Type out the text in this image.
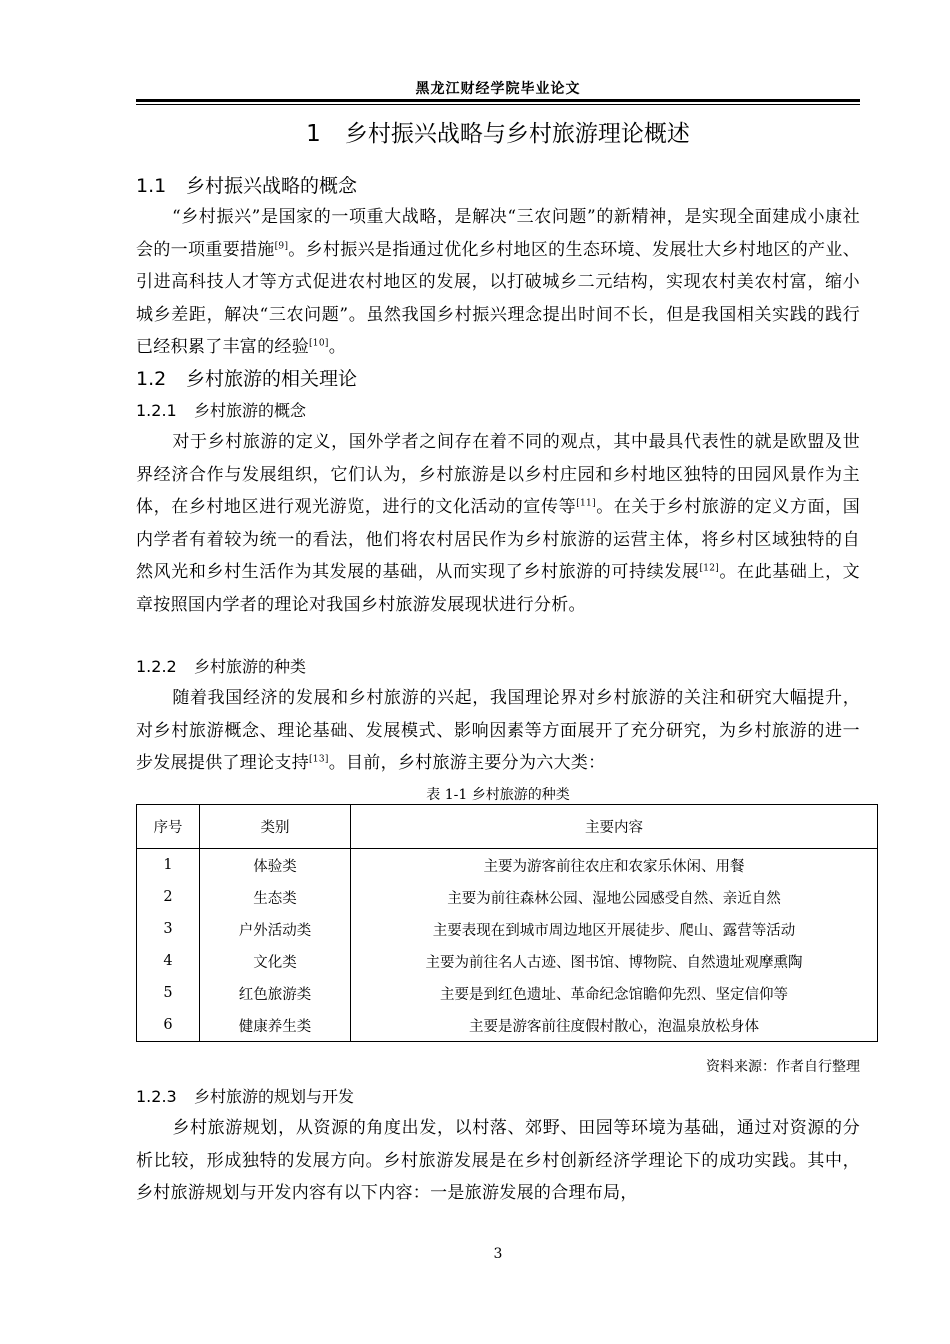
黑龙江财经学院毕业论文
1 乡村振兴战略与乡村旅游理论概述
1.1 乡村振兴战略的概念
“乡村振兴”是国家的一项重大战略，是解决“三农问题”的新精神，是实现全面建成小康社会的一项重要措施[9]。乡村振兴是指通过优化乡村地区的生态环境、发展壮大乡村地区的产业、引进高科技人才等方式促进农村地区的发展，以打破城乡二元结构，实现农村美农村富，缩小城乡差距，解决“三农问题”。虽然我国乡村振兴理念提出时间不长，但是我国相关实践的践行已经积累了丰富的经验[10]。
1.2 乡村旅游的相关理论
1.2.1 乡村旅游的概念
对于乡村旅游的定义，国外学者之间存在着不同的观点，其中最具代表性的就是欧盟及世界经济合作与发展组织，它们认为，乡村旅游是以乡村庄园和乡村地区独特的田园风景作为主体，在乡村地区进行观光游览，进行的文化活动的宣传等[11]。在关于乡村旅游的定义方面，国内学者有着较为统一的看法，他们将农村居民作为乡村旅游的运营主体，将乡村区域独特的自然风光和乡村生活作为其发展的基础，从而实现了乡村旅游的可持续发展[12]。在此基础上，文章按照国内学者的理论对我国乡村旅游发展现状进行分析。
1.2.2 乡村旅游的种类
随着我国经济的发展和乡村旅游的兴起，我国理论界对乡村旅游的关注和研究大幅提升，对乡村旅游概念、理论基础、发展模式、影响因素等方面展开了充分研究，为乡村旅游的进一步发展提供了理论支持[13]。目前，乡村旅游主要分为六大类：
表 1-1 乡村旅游的种类
序号	类别	主要内容
1	体验类	主要为游客前往农庄和农家乐休闲、用餐
2	生态类	主要为前往森林公园、湿地公园感受自然、亲近自然
3	户外活动类	主要表现在到城市周边地区开展徒步、爬山、露营等活动
4	文化类	主要为前往名人古迹、图书馆、博物院、自然遗址观摩熏陶
5	红色旅游类	主要是到红色遗址、革命纪念馆瞻仰先烈、坚定信仰等
6	健康养生类	主要是游客前往度假村散心，泡温泉放松身体
资料来源：作者自行整理
1.2.3 乡村旅游的规划与开发
乡村旅游规划，从资源的角度出发，以村落、郊野、田园等环境为基础，通过对资源的分析比较，形成独特的发展方向。乡村旅游发展是在乡村创新经济学理论下的成功实践。其中，乡村旅游规划与开发内容有以下内容：一是旅游发展的合理布局，
3
